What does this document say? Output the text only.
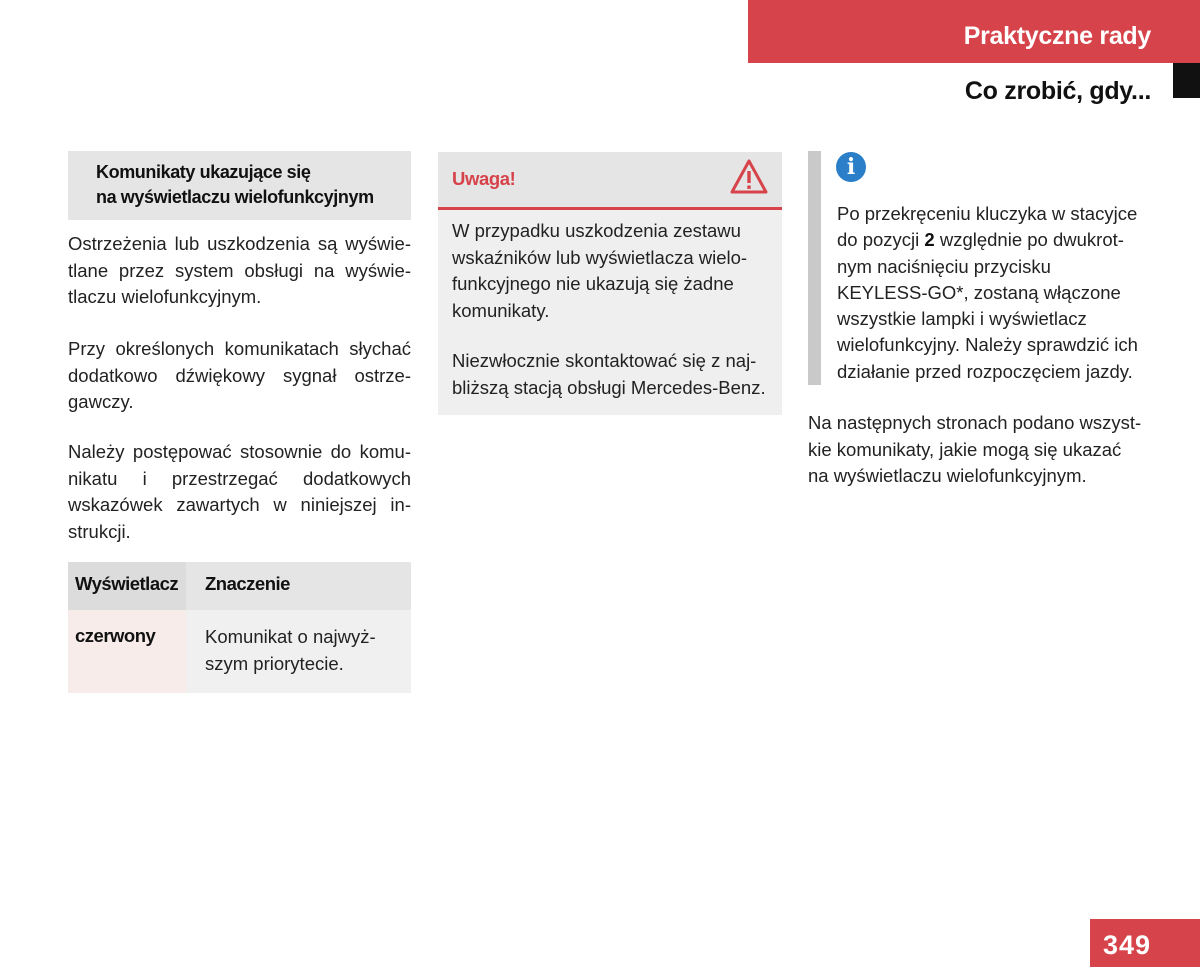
Praktyczne rady
Co zrobić, gdy...
Komunikaty ukazujące się
na wyświetlaczu wielofunkcyjnym

Ostrzeżenia lub uszkodzenia są wyświe-
tlane przez system obsługi na wyświe-
tlaczu wielofunkcyjnym.

Przy określonych komunikatach słychać
dodatkowo dźwiękowy sygnał ostrze-
gawczy.

Należy postępować stosownie do komu-
nikatu i przestrzegać dodatkowych
wskazówek zawartych w niniejszej in-
strukcji.

Wyświetlacz Znaczenie
czerwony	Komunikat o najwyż-
szym priorytecie.
Uwaga!

W przypadku uszkodzenia zestawu
wskaźników lub wyświetlacza wielo-
funkcyjnego nie ukazują się żadne
komunikaty.

Niezwłocznie skontaktować się z naj-
bliższą stacją obsługi Mercedes-Benz.

i

Po przekręceniu kluczyka w stacyjce
do pozycji 2 względnie po dwukrot-
nym naciśnięciu przycisku
KEYLESS-GO*, zostaną włączone
wszystkie lampki i wyświetlacz
wielofunkcyjny. Należy sprawdzić ich
działanie przed rozpoczęciem jazdy.

Na następnych stronach podano wszyst-
kie komunikaty, jakie mogą się ukazać
na wyświetlaczu wielofunkcyjnym.

349
